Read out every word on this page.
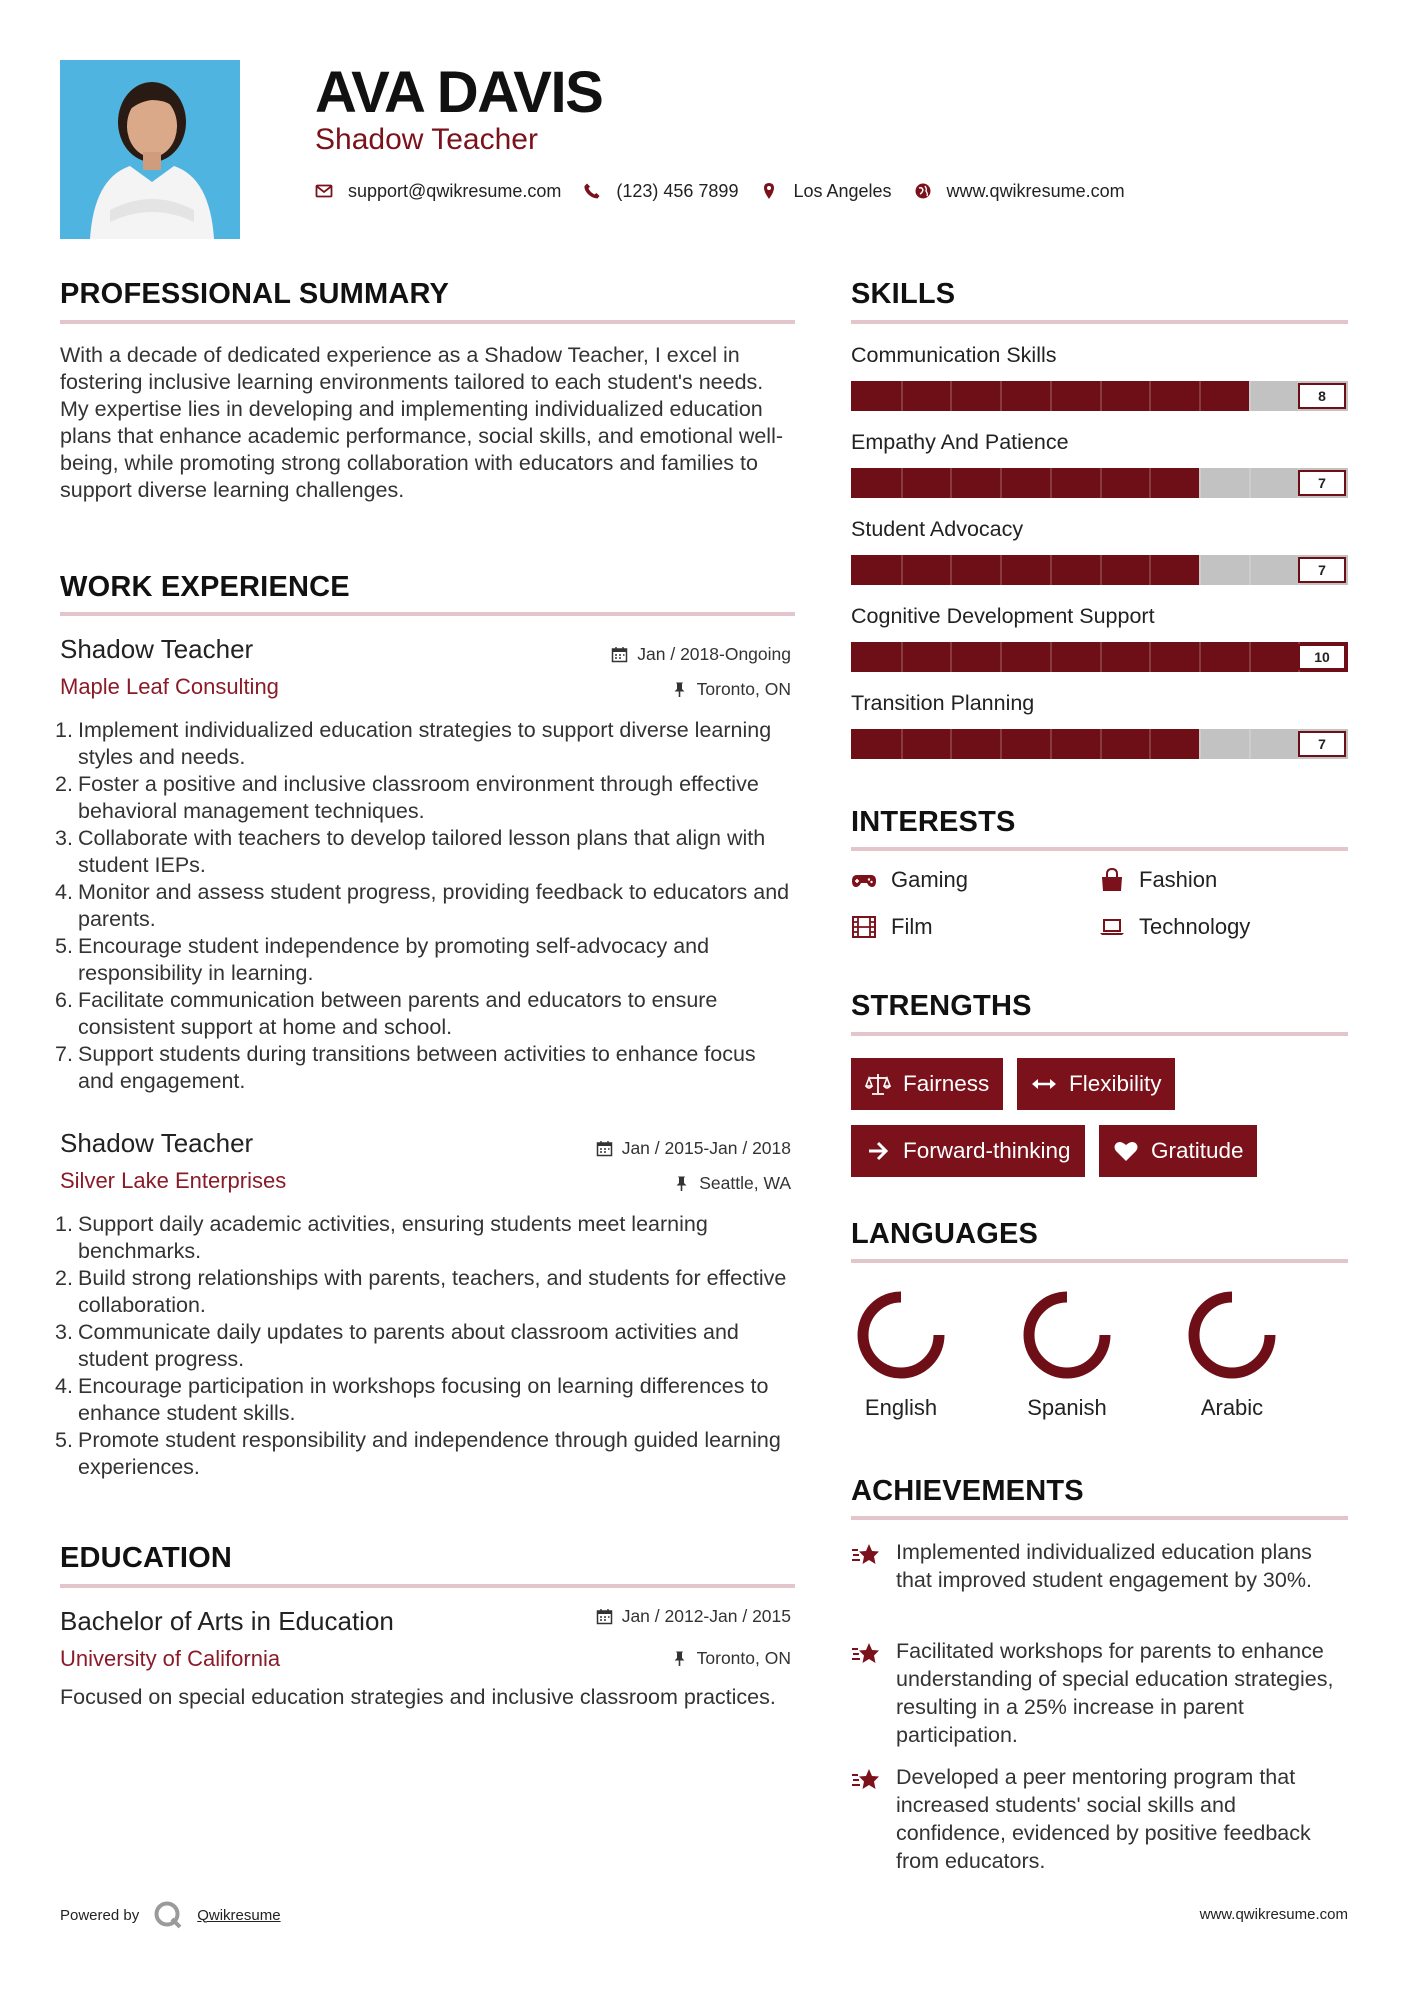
AVA DAVIS
Shadow Teacher
support@qwikresume.com	(123) 456 7899	Los Angeles	www.qwikresume.com
PROFESSIONAL SUMMARY
With a decade of dedicated experience as a Shadow Teacher, I excel in fostering inclusive learning environments tailored to each student's needs. My expertise lies in developing and implementing individualized education plans that enhance academic performance, social skills, and emotional well-being, while promoting strong collaboration with educators and families to support diverse learning challenges.
WORK EXPERIENCE
Shadow Teacher	Jan / 2018-Ongoing
Maple Leaf Consulting	Toronto, ON
Implement individualized education strategies to support diverse learning styles and needs.
Foster a positive and inclusive classroom environment through effective behavioral management techniques.
Collaborate with teachers to develop tailored lesson plans that align with student IEPs.
Monitor and assess student progress, providing feedback to educators and parents.
Encourage student independence by promoting self-advocacy and responsibility in learning.
Facilitate communication between parents and educators to ensure consistent support at home and school.
Support students during transitions between activities to enhance focus and engagement.
Shadow Teacher	Jan / 2015-Jan / 2018
Silver Lake Enterprises	Seattle, WA
Support daily academic activities, ensuring students meet learning benchmarks.
Build strong relationships with parents, teachers, and students for effective collaboration.
Communicate daily updates to parents about classroom activities and student progress.
Encourage participation in workshops focusing on learning differences to enhance student skills.
Promote student responsibility and independence through guided learning experiences.
EDUCATION
Bachelor of Arts in Education	Jan / 2012-Jan / 2015
University of California	Toronto, ON
Focused on special education strategies and inclusive classroom practices.
SKILLS
Communication Skills
8
Empathy And Patience
7
Student Advocacy
7
Cognitive Development Support
10
Transition Planning
7
INTERESTS
Gaming	Fashion
Film	Technology
STRENGTHS
Fairness	Flexibility
Forward-thinking	Gratitude
LANGUAGES
English	Spanish	Arabic
ACHIEVEMENTS
Implemented individualized education plans that improved student engagement by 30%.
Facilitated workshops for parents to enhance understanding of special education strategies, resulting in a 25% increase in parent participation.
Developed a peer mentoring program that increased students' social skills and confidence, evidenced by positive feedback from educators.
Powered by	Qwikresume	www.qwikresume.com
